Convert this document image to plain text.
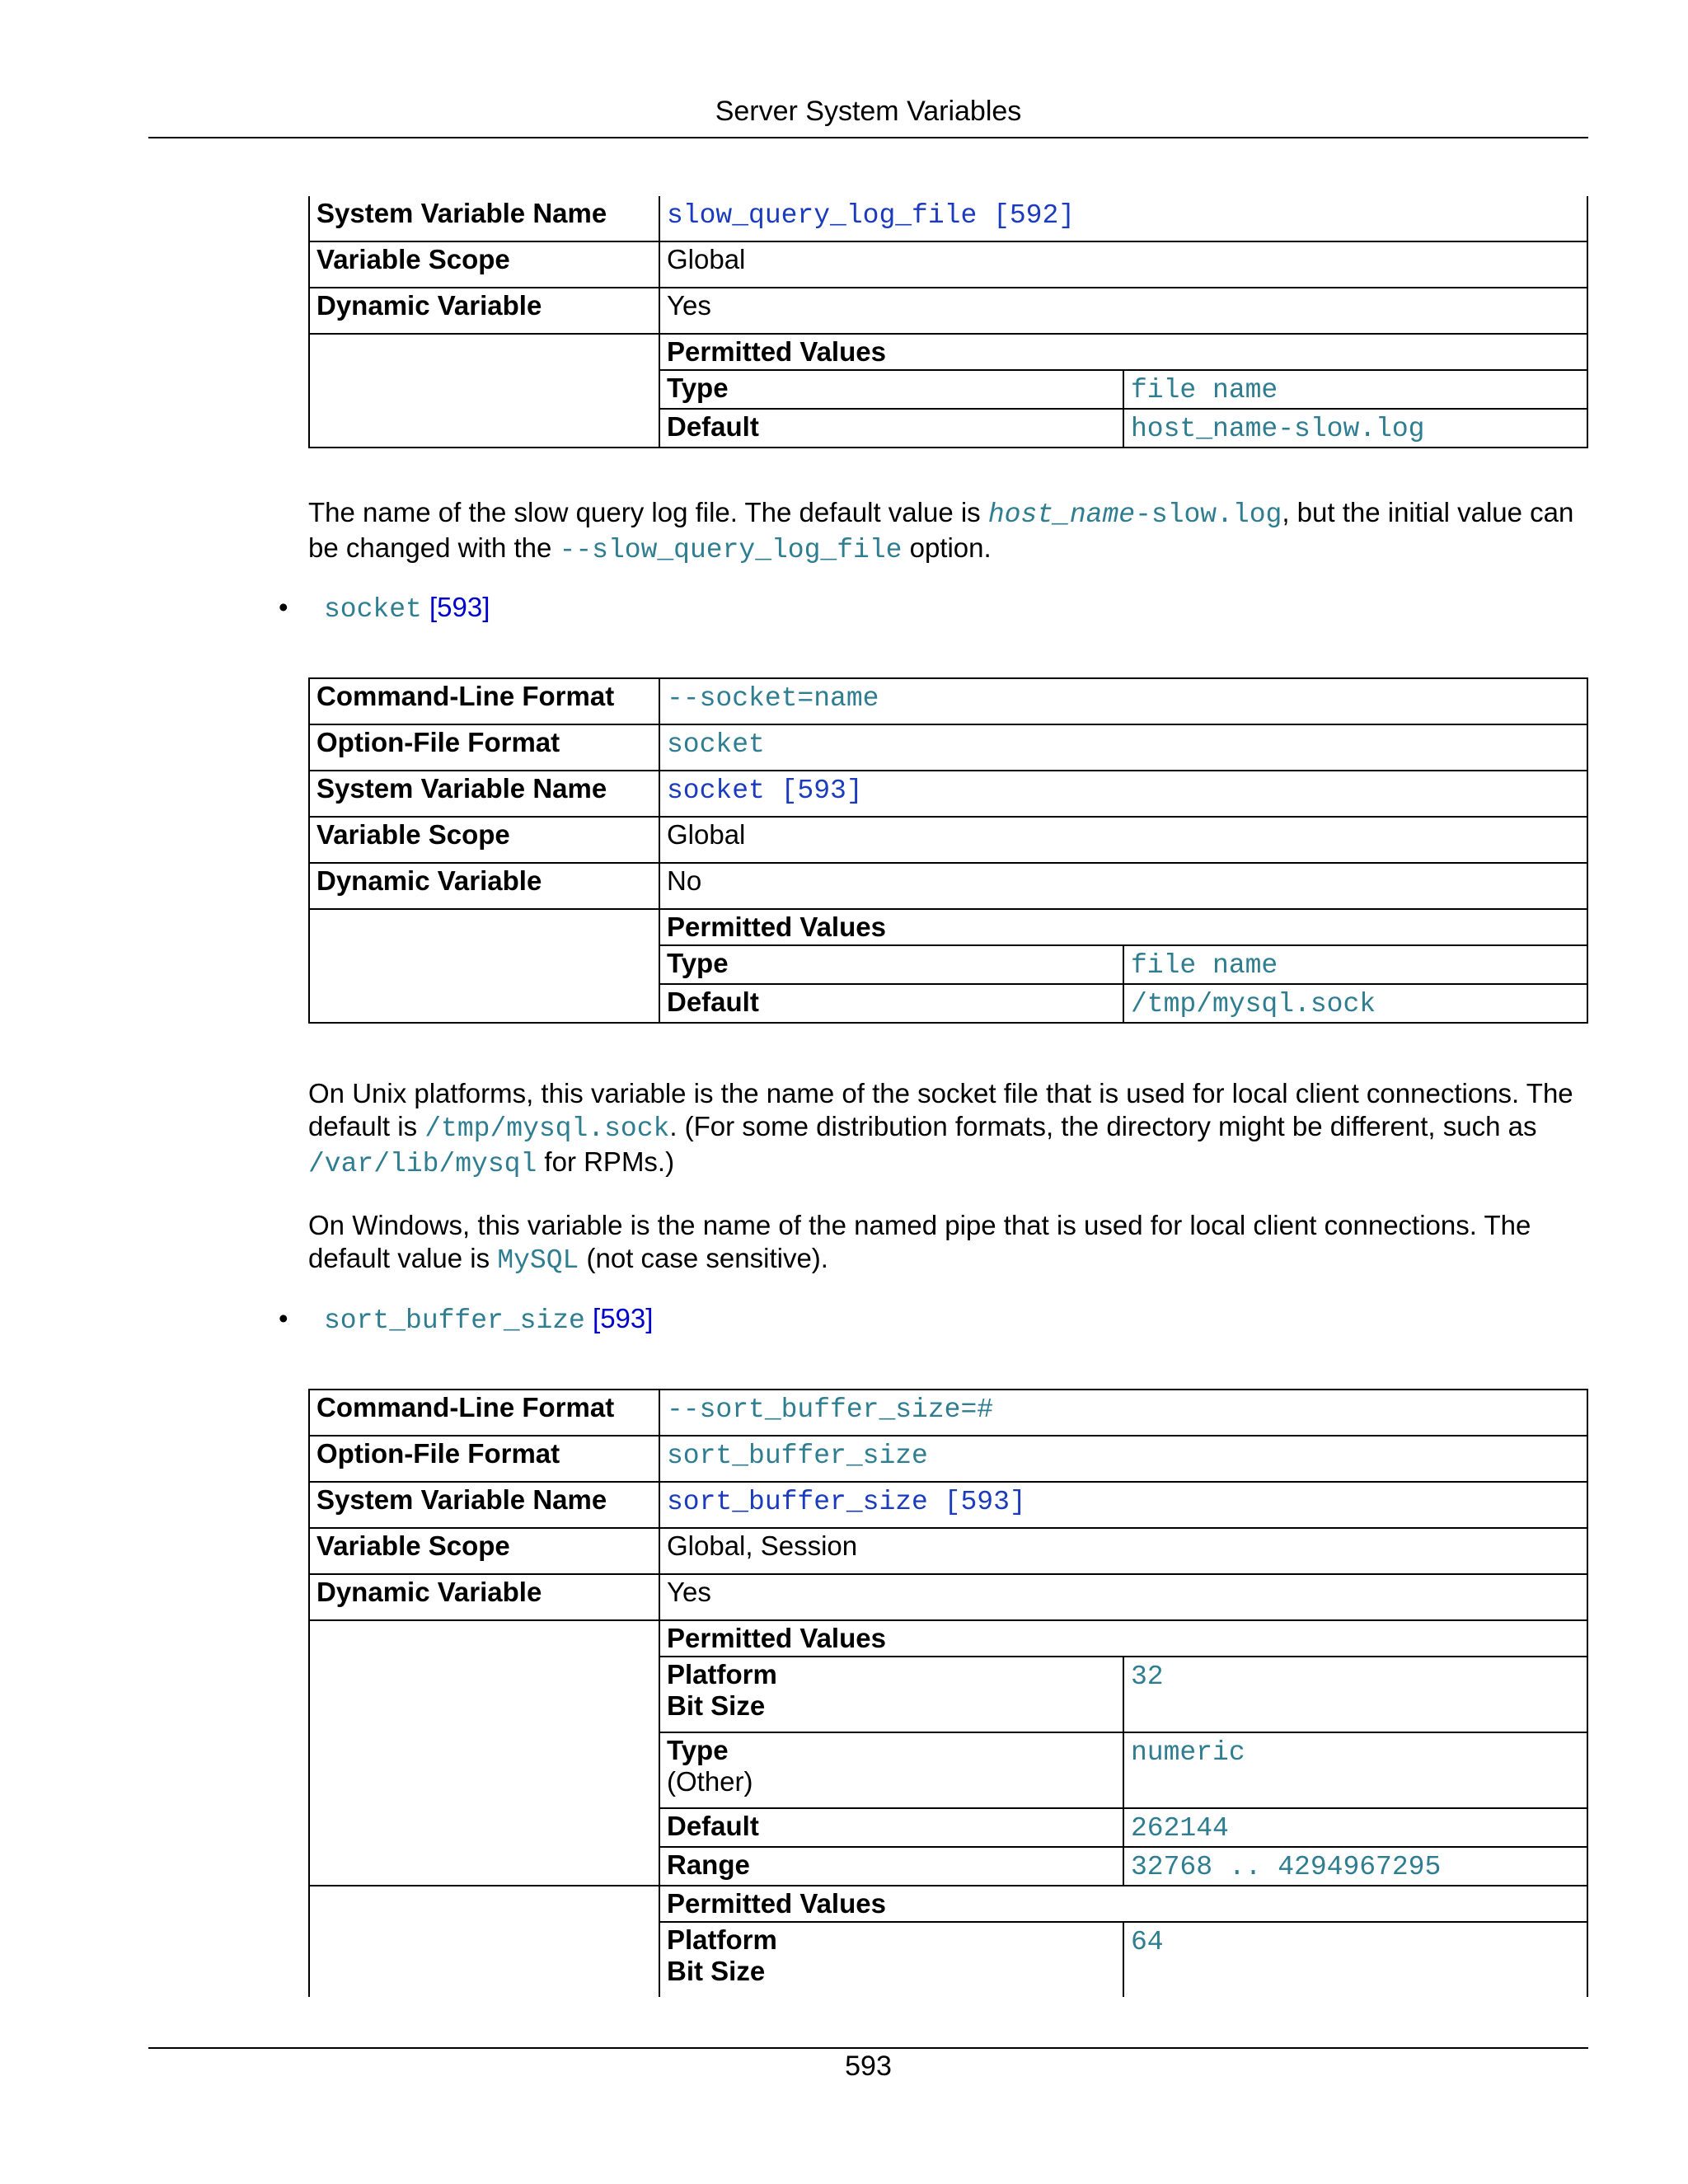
Server System Variables
System Variable Name	slow_query_log_file [592]
Variable Scope	Global
Dynamic Variable	Yes

Permitted Values
Type	file name
Default	host_name-slow.log
The name of the slow query log file. The default value is host_name-slow.log, but the initial value can be changed with the --slow_query_log_file option.
• socket [593]
Command-Line Format	--socket=name
Option-File Format	socket
System Variable Name	socket [593]
Variable Scope	Global
Dynamic Variable	No

Permitted Values
Type	file name
Default	/tmp/mysql.sock
On Unix platforms, this variable is the name of the socket file that is used for local client connections. The default is /tmp/mysql.sock. (For some distribution formats, the directory might be different, such as /var/lib/mysql for RPMs.)
On Windows, this variable is the name of the named pipe that is used for local client connections. The default value is MySQL (not case sensitive).
• sort_buffer_size [593]
Command-Line Format	--sort_buffer_size=#
Option-File Format	sort_buffer_size
System Variable Name	sort_buffer_size [593]
Variable Scope	Global, Session
Dynamic Variable	Yes

Permitted Values
Platform
Bit Size	32
Type
(Other)	numeric
Default	262144
Range	32768 .. 4294967295

Permitted Values
Platform
Bit Size	64
593
